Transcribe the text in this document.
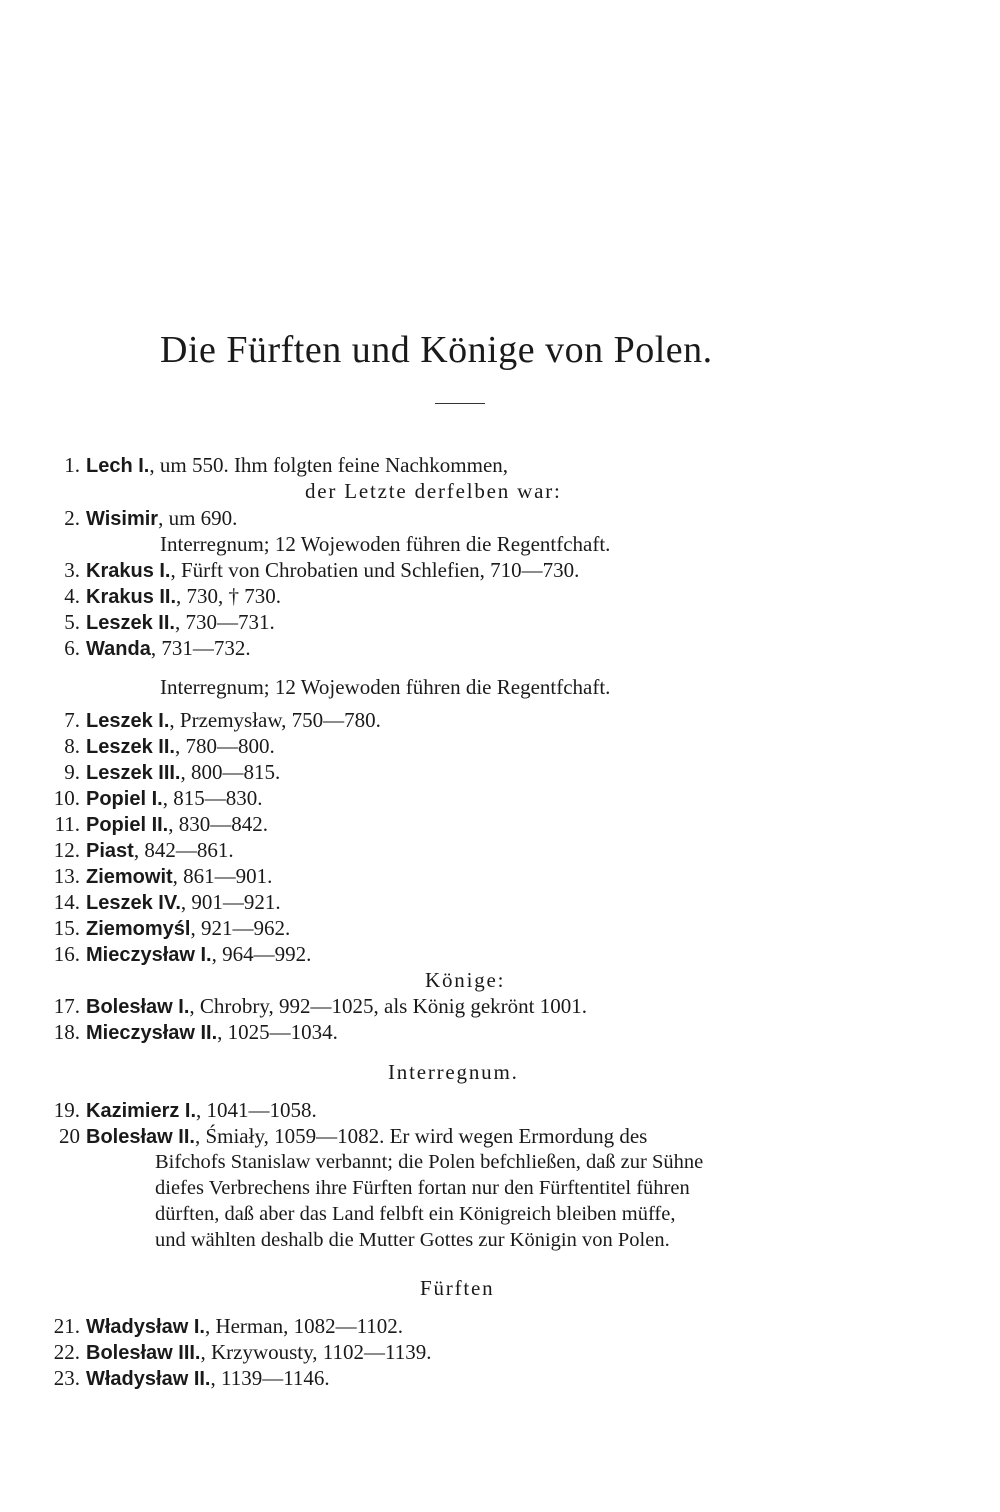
Die Fürften und Könige von Polen.
1. Lech I., um 550. Ihm folgten feine Nachkommen,
der Letzte derfelben war:
2. Wisimir, um 690.
Interregnum; 12 Wojewoden führen die Regentfchaft.
3. Krakus I., Fürft von Chrobatien und Schlefien, 710—730.
4. Krakus II., 730, † 730.
5. Leszek II., 730—731.
6. Wanda, 731—732.
Interregnum; 12 Wojewoden führen die Regentfchaft.
7. Leszek I., Przemysław, 750—780.
8. Leszek II., 780—800.
9. Leszek III., 800—815.
10. Popiel I., 815—830.
11. Popiel II., 830—842.
12. Piast, 842—861.
13. Ziemowit, 861—901.
14. Leszek IV., 901—921.
15. Ziemomyśl, 921—962.
16. Mieczysław I., 964—992.
Könige:
17. Bolesław I., Chrobry, 992—1025, als König gekrönt 1001.
18. Mieczysław II., 1025—1034.
Interregnum.
19. Kazimierz I., 1041—1058.
20 Bolesław II., Śmiały, 1059—1082. Er wird wegen Ermordung des
Bifchofs Stanislaw verbannt; die Polen befchließen, daß zur Sühne
diefes Verbrechens ihre Fürften fortan nur den Fürftentitel führen
dürften, daß aber das Land felbft ein Königreich bleiben müffe,
und wählten deshalb die Mutter Gottes zur Königin von Polen.
Fürften
21. Władysław I., Herman, 1082—1102.
22. Bolesław III., Krzywousty, 1102—1139.
23. Władysław II., 1139—1146.
